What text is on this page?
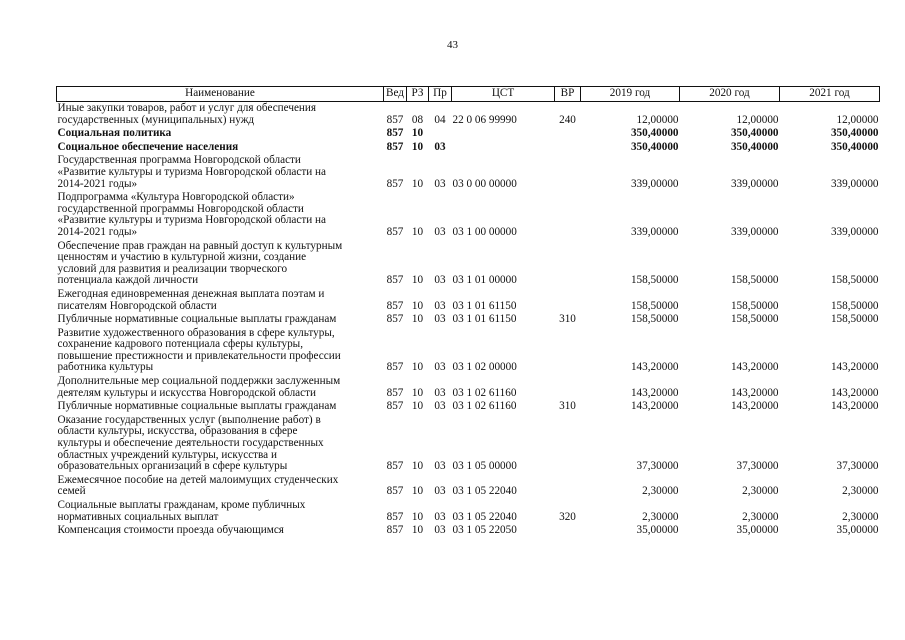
43
Наименование	Вед	РЗ	Пр	ЦСТ	ВР	2019 год	2020 год	2021 год
Иные закупки товаров, работ и услуг для обеспечения
государственных (муниципальных) нужд	857	08	04	22 0 06 99990	240	12,00000	12,00000	12,00000
Социальная политика	857	10				350,40000	350,40000	350,40000
Социальное обеспечение населения	857	10	03			350,40000	350,40000	350,40000
Государственная программа Новгородской области
«Развитие культуры и туризма Новгородской области на
2014-2021 годы»	857	10	03	03 0 00 00000		339,00000	339,00000	339,00000
Подпрограмма «Культура Новгородской области»
государственной программы Новгородской области
«Развитие культуры и туризма Новгородской области на
2014-2021 годы»	857	10	03	03 1 00 00000		339,00000	339,00000	339,00000
Обеспечение прав граждан на равный доступ к культурным
ценностям и участию в культурной жизни, создание
условий для развития и реализации творческого
потенциала каждой личности	857	10	03	03 1 01 00000		158,50000	158,50000	158,50000
Ежегодная единовременная денежная выплата поэтам и
писателям Новгородской области	857	10	03	03 1 01 61150		158,50000	158,50000	158,50000
Публичные нормативные социальные выплаты гражданам	857	10	03	03 1 01 61150	310	158,50000	158,50000	158,50000
Развитие художественного образования в сфере культуры,
сохранение кадрового потенциала сферы культуры,
повышение престижности и привлекательности профессии
работника культуры	857	10	03	03 1 02 00000		143,20000	143,20000	143,20000
Дополнительные мер социальной поддержки заслуженным
деятелям культуры и искусства Новгородской области	857	10	03	03 1 02 61160		143,20000	143,20000	143,20000
Публичные нормативные социальные выплаты гражданам	857	10	03	03 1 02 61160	310	143,20000	143,20000	143,20000
Оказание государственных услуг (выполнение работ) в
области культуры, искусства, образования в сфере
культуры и обеспечение деятельности государственных
областных учреждений культуры, искусства и
образовательных организаций в сфере культуры	857	10	03	03 1 05 00000		37,30000	37,30000	37,30000
Ежемесячное пособие на детей малоимущих студенческих
семей	857	10	03	03 1 05 22040		2,30000	2,30000	2,30000
Социальные выплаты гражданам, кроме публичных
нормативных социальных выплат	857	10	03	03 1 05 22040	320	2,30000	2,30000	2,30000
Компенсация стоимости проезда обучающимся	857	10	03	03 1 05 22050		35,00000	35,00000	35,00000
